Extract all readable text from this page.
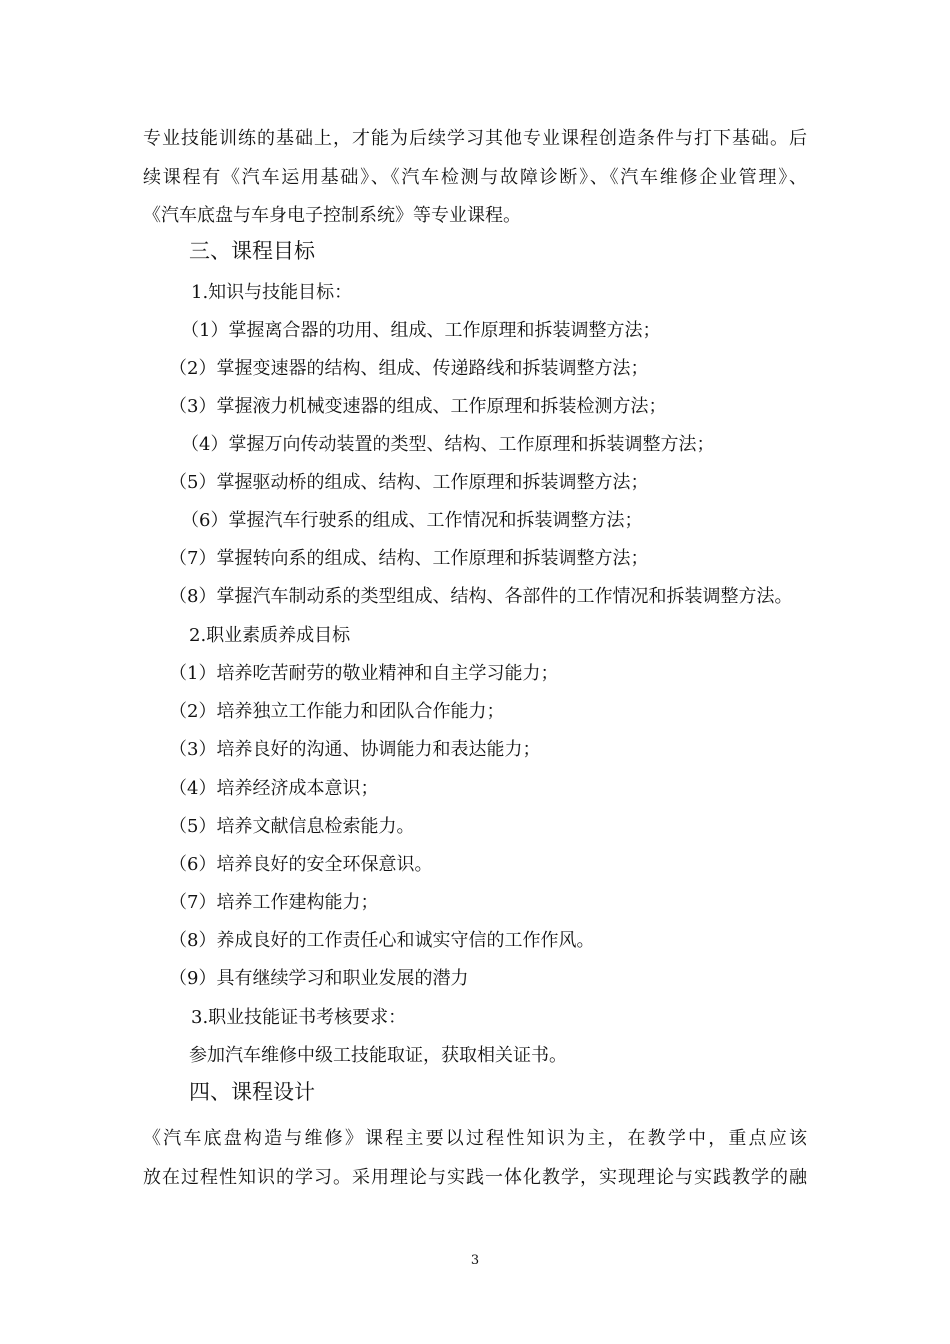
专业技能训练的基础上，才能为后续学习其他专业课程创造条件与打下基础。后
续课程有《汽车运用基础》、《汽车检测与故障诊断》、《汽车维修企业管理》、
《汽车底盘与车身电子控制系统》等专业课程。
三、课程目标
1.知识与技能目标：
（1）掌握离合器的功用、组成、工作原理和拆装调整方法；
（2）掌握变速器的结构、组成、传递路线和拆装调整方法；
（3）掌握液力机械变速器的组成、工作原理和拆装检测方法；
（4）掌握万向传动装置的类型、结构、工作原理和拆装调整方法；
（5）掌握驱动桥的组成、结构、工作原理和拆装调整方法；
（6）掌握汽车行驶系的组成、工作情况和拆装调整方法；
（7）掌握转向系的组成、结构、工作原理和拆装调整方法；
（8）掌握汽车制动系的类型组成、结构、各部件的工作情况和拆装调整方法。
2.职业素质养成目标
（1）培养吃苦耐劳的敬业精神和自主学习能力；
（2）培养独立工作能力和团队合作能力；
（3）培养良好的沟通、协调能力和表达能力；
（4）培养经济成本意识；
（5）培养文献信息检索能力。
（6）培养良好的安全环保意识。
（7）培养工作建构能力；
（8）养成良好的工作责任心和诚实守信的工作作风。
（9）具有继续学习和职业发展的潜力
3.职业技能证书考核要求：
参加汽车维修中级工技能取证，获取相关证书。
四、课程设计
《汽车底盘构造与维修》课程主要以过程性知识为主，在教学中，重点应该
放在过程性知识的学习。采用理论与实践一体化教学，实现理论与实践教学的融
3
